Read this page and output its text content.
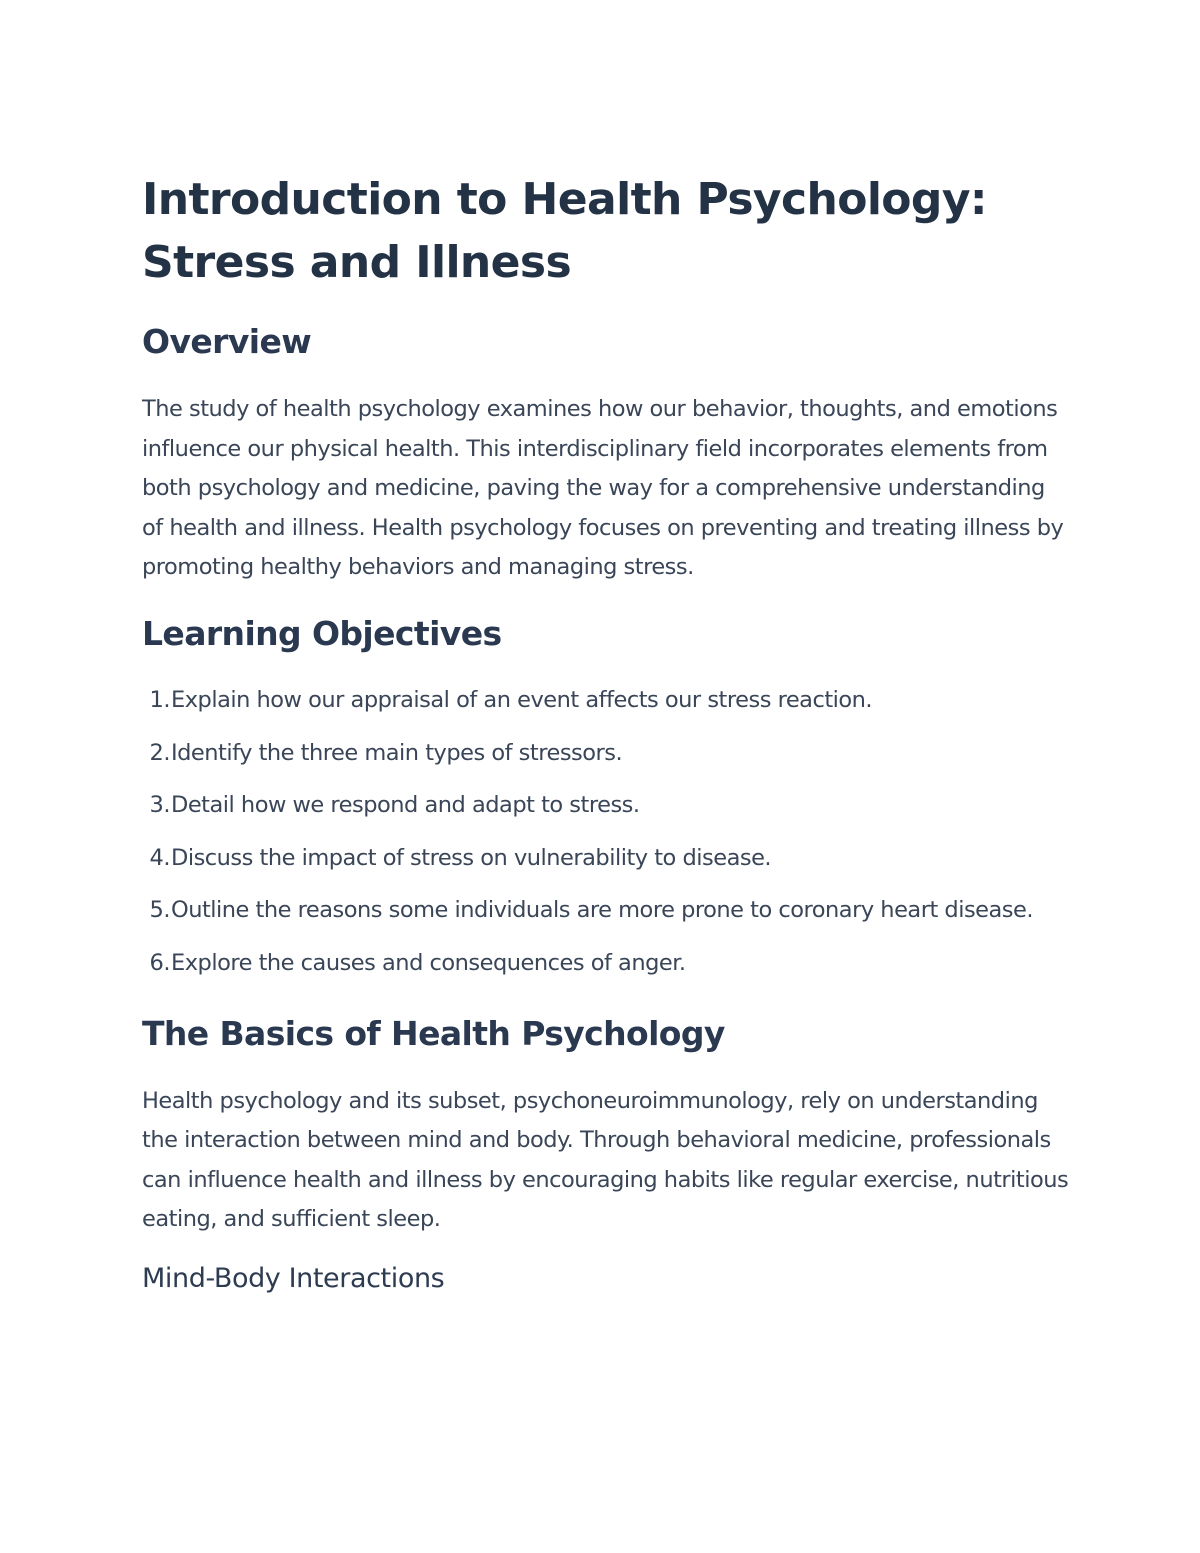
Introduction to Health Psychology:
Stress and Illness
Overview

The study of health psychology examines how our behavior, thoughts, and emotions influence our physical health. This interdisciplinary field incorporates elements from both psychology and medicine, paving the way for a comprehensive understanding of health and illness. Health psychology focuses on preventing and treating illness by promoting healthy behaviors and managing stress.

Learning Objectives
1. Explain how our appraisal of an event affects our stress reaction.
2. Identify the three main types of stressors.
3. Detail how we respond and adapt to stress.
4. Discuss the impact of stress on vulnerability to disease.
5. Outline the reasons some individuals are more prone to coronary heart disease.
6. Explore the causes and consequences of anger.
The Basics of Health Psychology

Health psychology and its subset, psychoneuroimmunology, rely on understanding the interaction between mind and body. Through behavioral medicine, professionals can influence health and illness by encouraging habits like regular exercise, nutritious eating, and sufficient sleep.

Mind-Body Interactions
